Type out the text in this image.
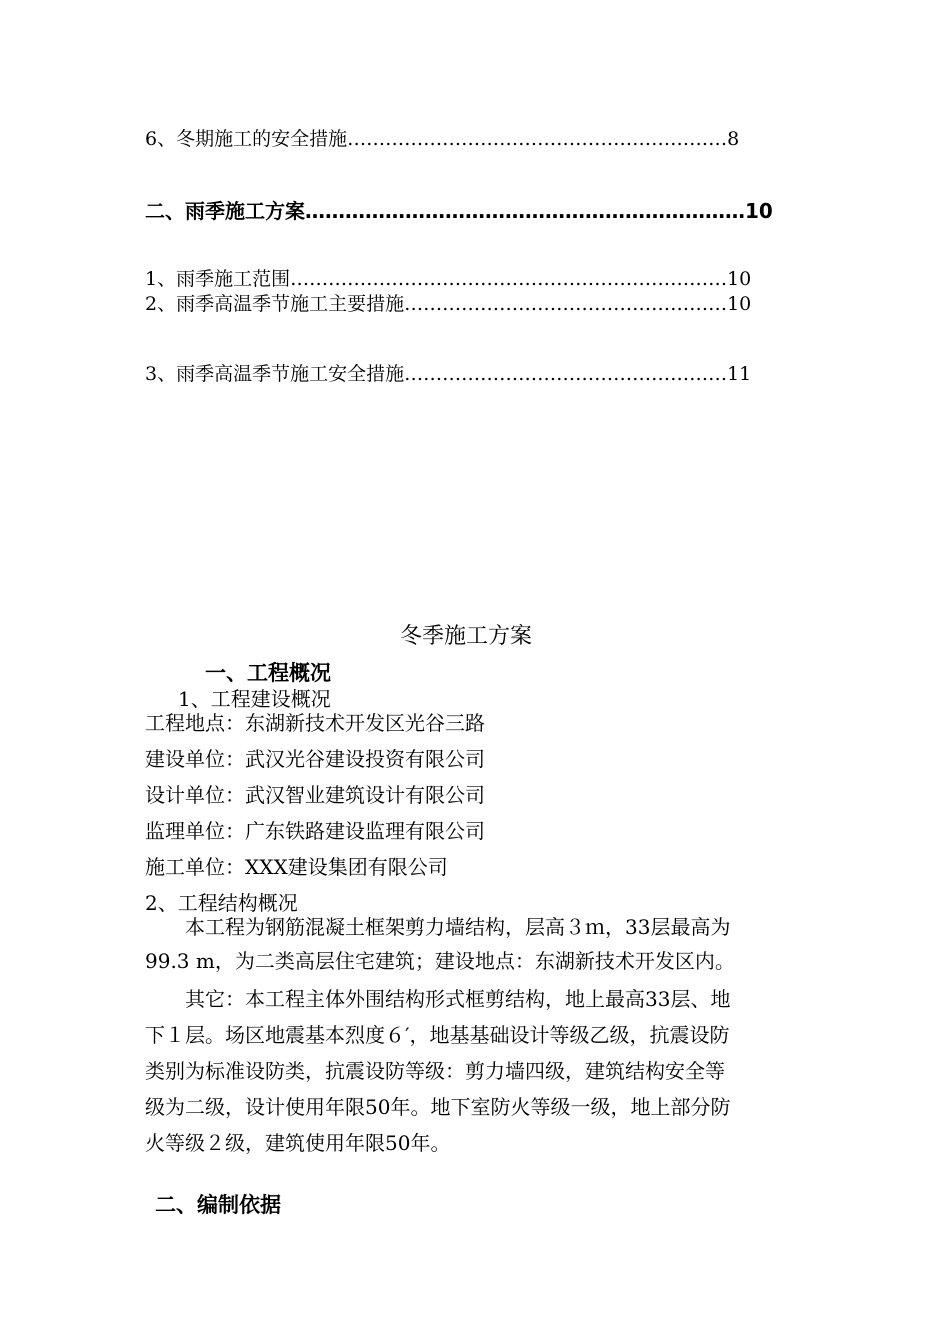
6、冬期施工的安全措施……………………………………………………8
二、雨季施工方案…………………………………………………………10
1、雨季施工范围……………………………………………………………10
2、雨季高温季节施工主要措施……………………………………………10
3、雨季高温季节施工安全措施……………………………………………11
冬季施工方案
一、工程概况
1、工程建设概况
工程地点：东湖新技术开发区光谷三路
建设单位：武汉光谷建设投资有限公司
设计单位：武汉智业建筑设计有限公司
监理单位：广东铁路建设监理有限公司
施工单位：XXX建设集团有限公司
2、工程结构概况
本工程为钢筋混凝土框架剪力墙结构，层高３ｍ，33层最高为
99.3 m，为二类高层住宅建筑；建设地点：东湖新技术开发区内。
其它：本工程主体外围结构形式框剪结构，地上最高33层、地
下１层。场区地震基本烈度６′，地基基础设计等级乙级，抗震设防
类别为标准设防类，抗震设防等级：剪力墙四级，建筑结构安全等
级为二级，设计使用年限50年。地下室防火等级一级，地上部分防
火等级２级，建筑使用年限50年。
二、编制依据
